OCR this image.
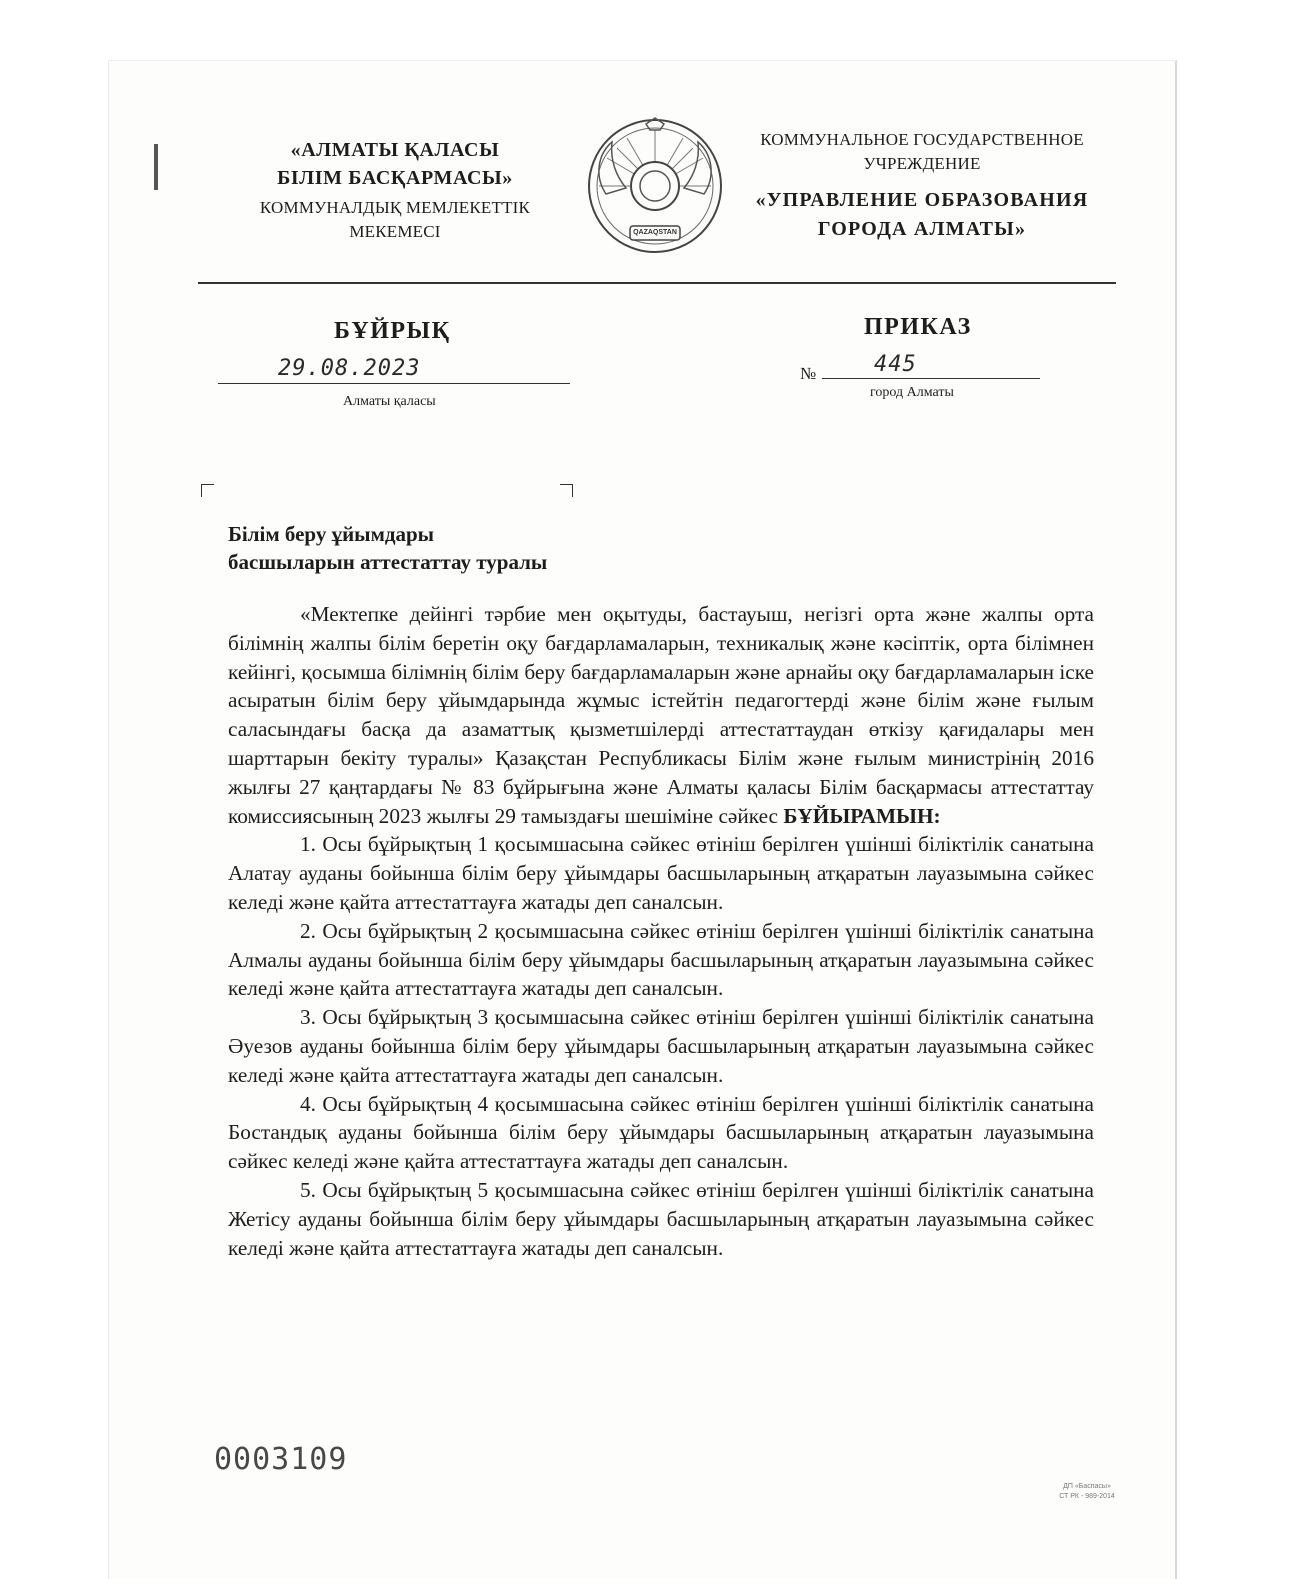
«АЛМАТЫ ҚАЛАСЫ
БІЛІМ БАСҚАРМАСЫ»
КОММУНАЛДЫҚ МЕМЛЕКЕТТІК
МЕКЕМЕСІ	QAZAQSTAN
КОММУНАЛЬНОЕ ГОСУДАРСТВЕННОЕ
УЧРЕЖДЕНИЕ
«УПРАВЛЕНИЕ ОБРАЗОВАНИЯ
ГОРОДА АЛМАТЫ»
БҰЙРЫҚ	ПРИКАЗ
29.08.2023	№	445
Алматы қаласы
город Алматы
Білім беру ұйымдары
басшыларын аттестаттау туралы

«Мектепке дейінгі тәрбие мен оқытуды, бастауыш, негізгі орта және жалпы орта білімнің жалпы білім беретін оқу бағдарламаларын, техникалық және кәсіптік, орта білімнен кейінгі, қосымша білімнің білім беру бағдарламаларын және арнайы оқу бағдарламаларын іске асыратын білім беру ұйымдарында жұмыс істейтін педагогтерді және білім және ғылым саласындағы басқа да азаматтық қызметшілерді аттестаттаудан өткізу қағидалары мен шарттарын бекіту туралы» Қазақстан Республикасы Білім және ғылым министрінің 2016 жылғы 27 қаңтардағы № 83 бұйрығына және Алматы қаласы Білім басқармасы аттестаттау комиссиясының 2023 жылғы 29 тамыздағы шешіміне сәйкес БҰЙЫРАМЫН:

1. Осы бұйрықтың 1 қосымшасына сәйкес өтініш берілген үшінші біліктілік санатына Алатау ауданы бойынша білім беру ұйымдары басшыларының атқаратын лауазымына сәйкес келеді және қайта аттестаттауға жатады деп саналсын.

2. Осы бұйрықтың 2 қосымшасына сәйкес өтініш берілген үшінші біліктілік санатына Алмалы ауданы бойынша білім беру ұйымдары басшыларының атқаратын лауазымына сәйкес келеді және қайта аттестаттауға жатады деп саналсын.

3. Осы бұйрықтың 3 қосымшасына сәйкес өтініш берілген үшінші біліктілік санатына Әуезов ауданы бойынша білім беру ұйымдары басшыларының атқаратын лауазымына сәйкес келеді және қайта аттестаттауға жатады деп саналсын.

4. Осы бұйрықтың 4 қосымшасына сәйкес өтініш берілген үшінші біліктілік санатына Бостандық ауданы бойынша білім беру ұйымдары басшыларының атқаратын лауазымына сәйкес келеді және қайта аттестаттауға жатады деп саналсын.

5. Осы бұйрықтың 5 қосымшасына сәйкес өтініш берілген үшінші біліктілік санатына Жетісу ауданы бойынша білім беру ұйымдары басшыларының атқаратын лауазымына сәйкес келеді және қайта аттестаттауға жатады деп саналсын.

0003109
ДП «Баспасы»
СТ РК - 989-2014
